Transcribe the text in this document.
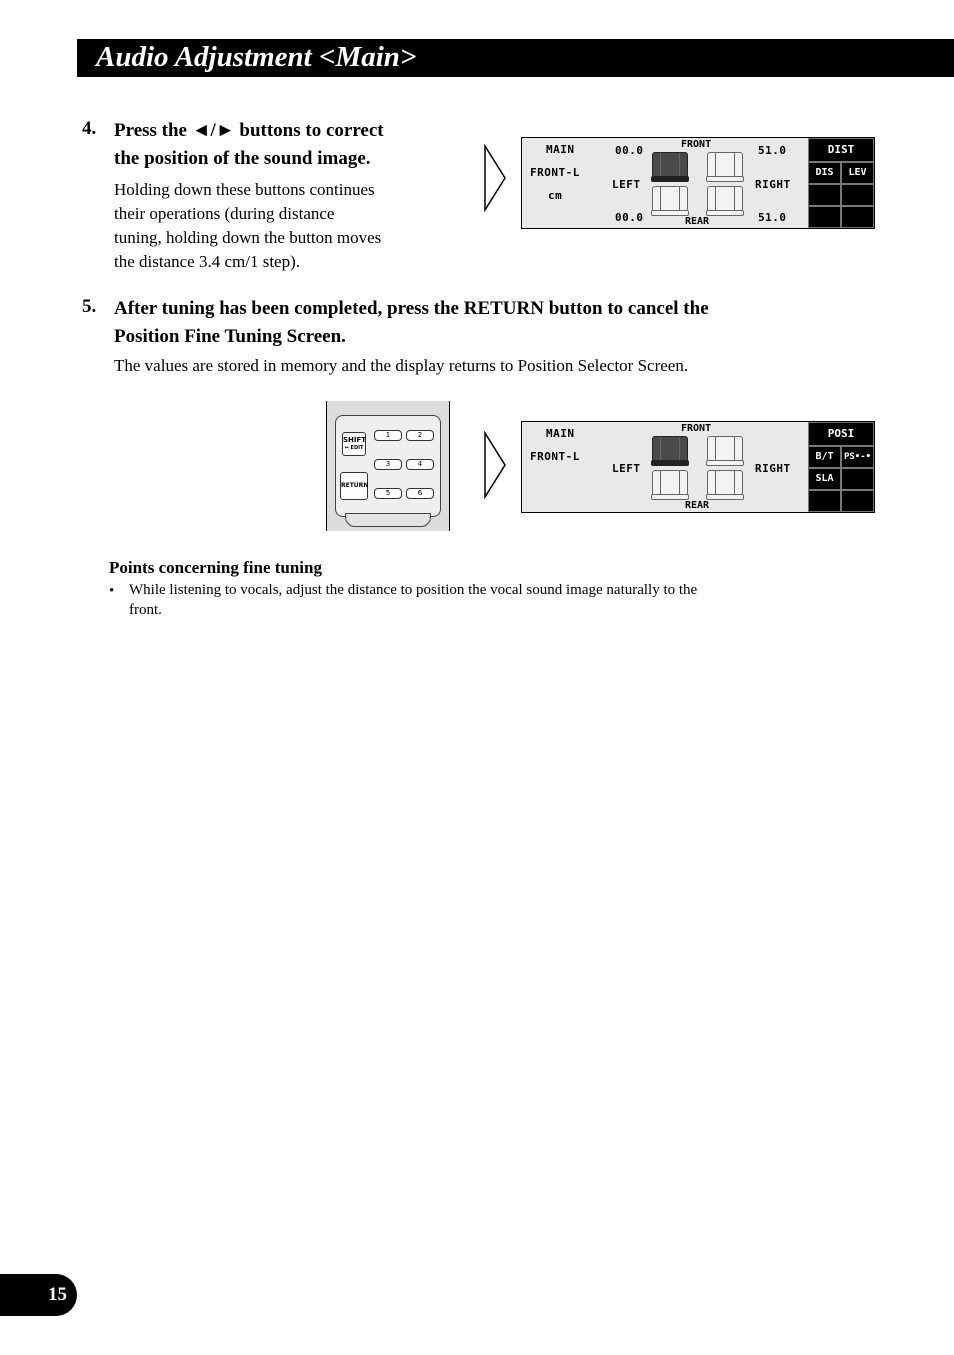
Audio Adjustment <Main>
4. Press the ◄/► buttons to correct
the position of the sound image.
Holding down these buttons continues
their operations (during distance
tuning, holding down the button moves
the distance 3.4 cm/1 step).
MAIN
FRONT-L
cm
00.0	51.0
00.0	51.0
FRONT
REAR
LEFT	RIGHT
DIST
DIS	LEV
5. After tuning has been completed, press the RETURN button to cancel the
Position Fine Tuning Screen.
The values are stored in memory and the display returns to Position Selector Screen.
SHIFT
↔ EDIT
RETURN
1	2
3	4
5	6
MAIN
FRONT-L
FRONT
REAR
LEFT	RIGHT
POSI
B/T	PS•-•
SLA
Points concerning fine tuning
• While listening to vocals, adjust the distance to position the vocal sound image naturally to the
front.
15
